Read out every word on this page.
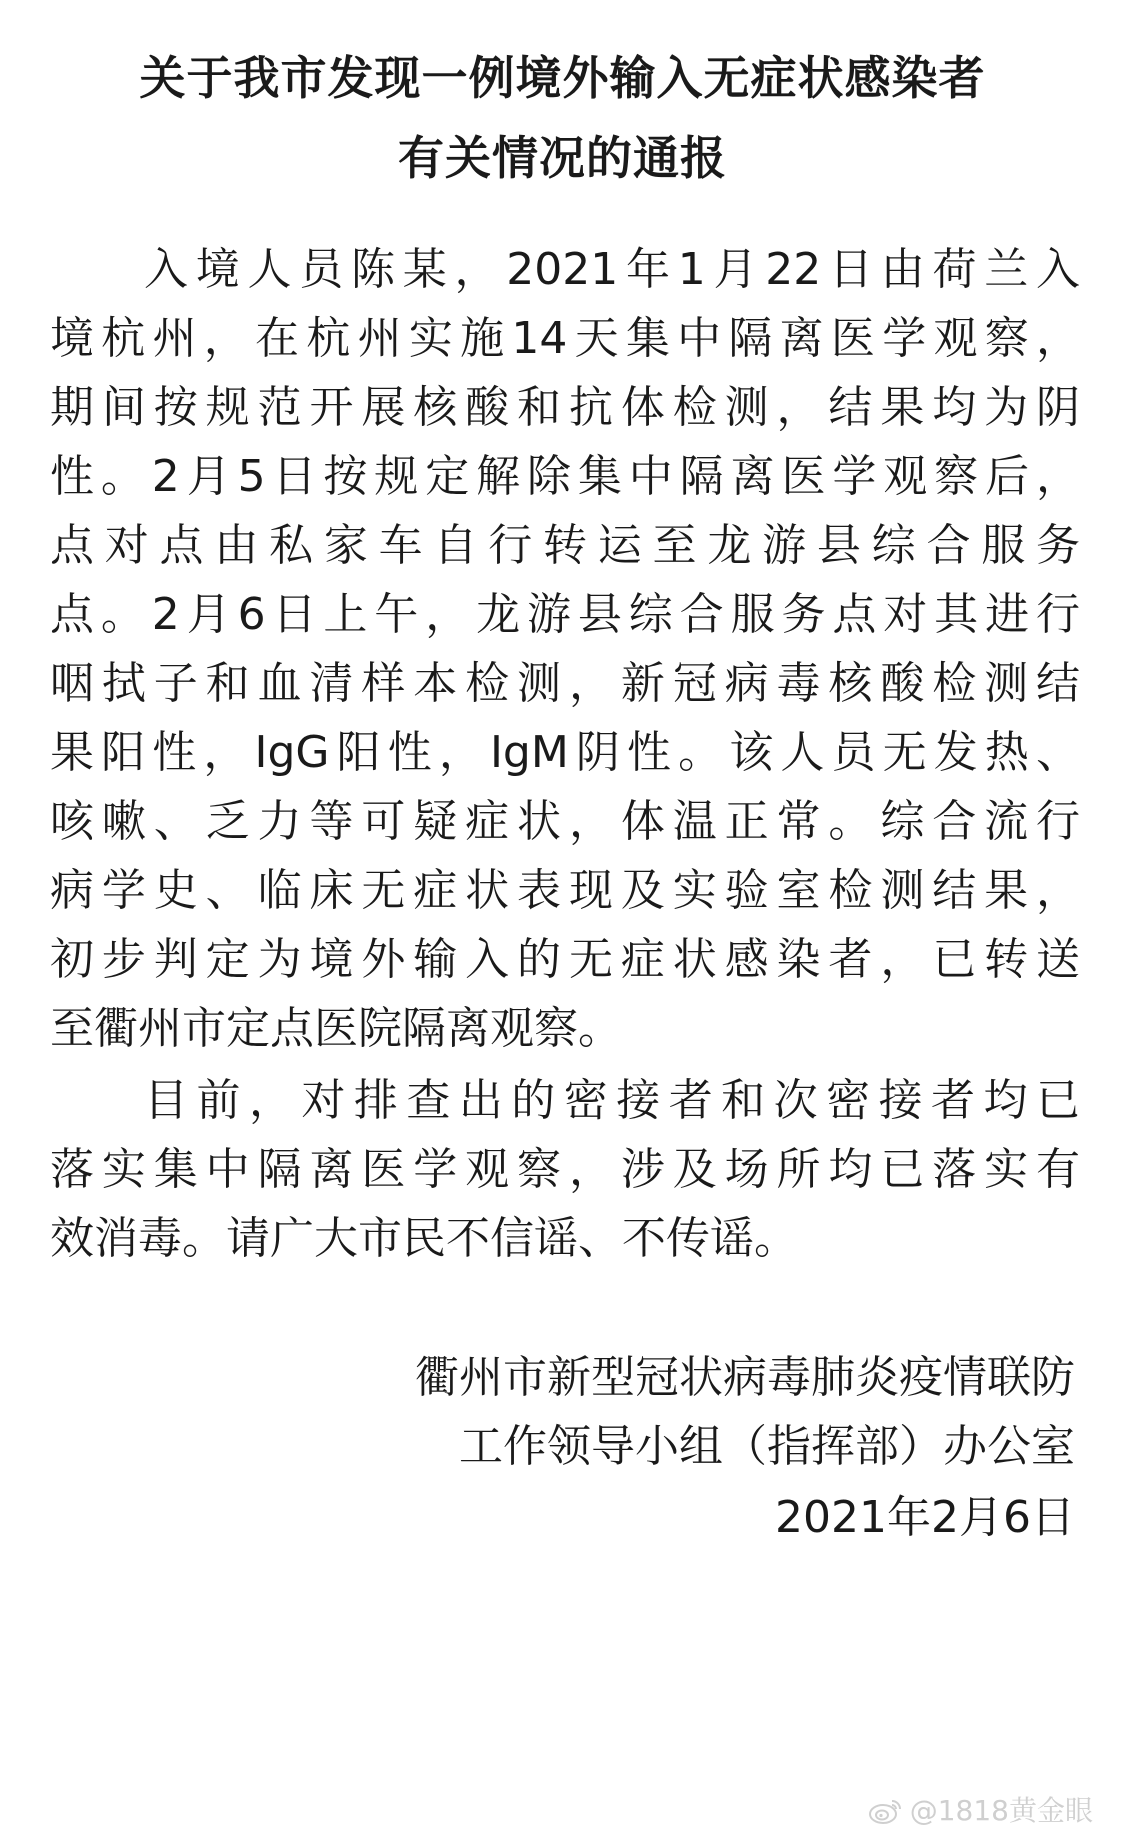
关于我市发现一例境外输入无症状感染者
有关情况的通报
入境人员陈某，2021年1月22日由荷兰入
境杭州，在杭州实施14天集中隔离医学观察，
期间按规范开展核酸和抗体检测，结果均为阴
性。2月5日按规定解除集中隔离医学观察后，
点对点由私家车自行转运至龙游县综合服务
点。2月6日上午，龙游县综合服务点对其进行
咽拭子和血清样本检测，新冠病毒核酸检测结
果阳性，IgG阳性，IgM阴性。该人员无发热、
咳嗽、乏力等可疑症状，体温正常。综合流行
病学史、临床无症状表现及实验室检测结果，
初步判定为境外输入的无症状感染者，已转送
至衢州市定点医院隔离观察。
目前，对排查出的密接者和次密接者均已
落实集中隔离医学观察，涉及场所均已落实有
效消毒。请广大市民不信谣、不传谣。
衢州市新型冠状病毒肺炎疫情联防
工作领导小组（指挥部）办公室
2021年2月6日
@1818黄金眼
